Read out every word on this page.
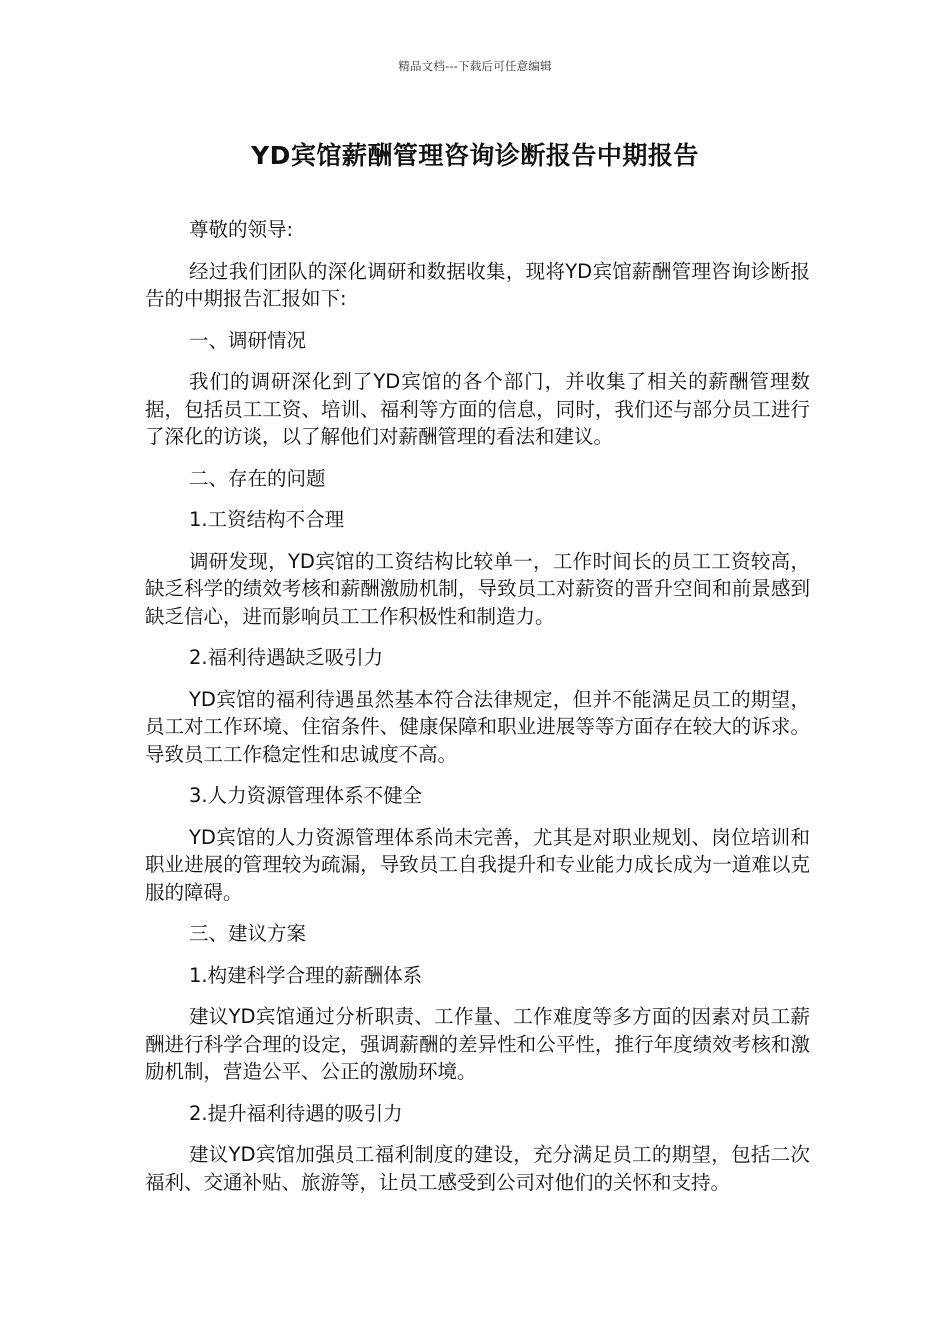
精品文档---下载后可任意编辑
YD宾馆薪酬管理咨询诊断报告中期报告

尊敬的领导:

经过我们团队的深化调研和数据收集，现将YD宾馆薪酬管理咨询诊断报告的中期报告汇报如下:

一、调研情况

我们的调研深化到了YD宾馆的各个部门，并收集了相关的薪酬管理数据，包括员工工资、培训、福利等方面的信息，同时，我们还与部分员工进行了深化的访谈，以了解他们对薪酬管理的看法和建议。

二、存在的问题

1.工资结构不合理

调研发现，YD宾馆的工资结构比较单一，工作时间长的员工工资较高，缺乏科学的绩效考核和薪酬激励机制，导致员工对薪资的晋升空间和前景感到缺乏信心，进而影响员工工作积极性和制造力。

2.福利待遇缺乏吸引力

YD宾馆的福利待遇虽然基本符合法律规定，但并不能满足员工的期望，员工对工作环境、住宿条件、健康保障和职业进展等等方面存在较大的诉求。导致员工工作稳定性和忠诚度不高。

3.人力资源管理体系不健全

YD宾馆的人力资源管理体系尚未完善，尤其是对职业规划、岗位培训和职业进展的管理较为疏漏，导致员工自我提升和专业能力成长成为一道难以克服的障碍。

三、建议方案

1.构建科学合理的薪酬体系

建议YD宾馆通过分析职责、工作量、工作难度等多方面的因素对员工薪酬进行科学合理的设定，强调薪酬的差异性和公平性，推行年度绩效考核和激励机制，营造公平、公正的激励环境。

2.提升福利待遇的吸引力

建议YD宾馆加强员工福利制度的建设，充分满足员工的期望，包括二次福利、交通补贴、旅游等，让员工感受到公司对他们的关怀和支持。
